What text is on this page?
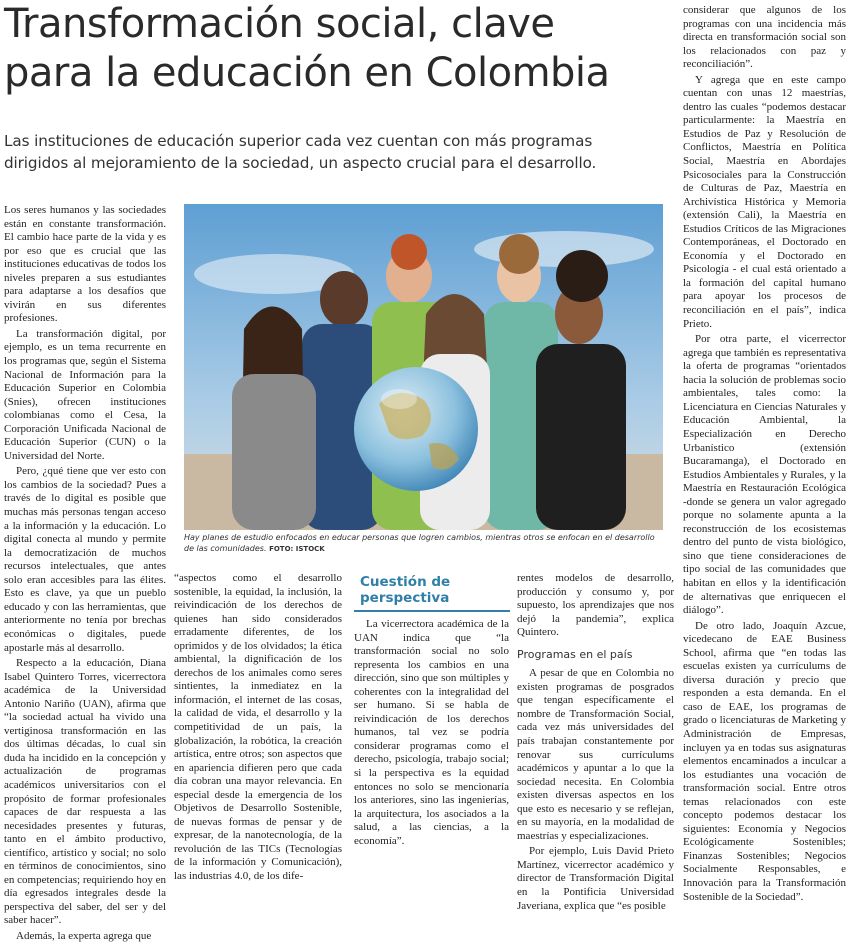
Transformación social, clave
para la educación en Colombia
Las instituciones de educación superior cada vez cuentan con más programas
dirigidos al mejoramiento de la sociedad, un aspecto crucial para el desarrollo.

Los seres humanos y las sociedades están en constante transformación. El cambio hace parte de la vida y es por eso que es crucial que las instituciones educativas de todos los niveles preparen a sus estudiantes para adaptarse a los desafíos que vivirán en sus diferentes profesiones.

La transformación digital, por ejemplo, es un tema recurrente en los programas que, según el Sistema Nacional de Información para la Educación Superior en Colombia (Snies), ofrecen instituciones colombianas como el Cesa, la Corporación Unificada Nacional de Educación Superior (CUN) o la Universidad del Norte.

Pero, ¿qué tiene que ver esto con los cambios de la sociedad? Pues a través de lo digital es posible que muchas más personas tengan acceso a la información y la educación. Lo digital conecta al mundo y permite la democratización de muchos recursos intelectuales, que antes solo eran accesibles para las élites. Esto es clave, ya que un pueblo educado y con las herramientas, que anteriormente no tenía por brechas económicas o digitales, puede apostarle más al desarrollo.

Respecto a la educación, Diana Isabel Quintero Torres, vicerrectora académica de la Universidad Antonio Nariño (UAN), afirma que “la sociedad actual ha vivido una vertiginosa transformación en las dos últimas décadas, lo cual sin duda ha incidido en la concepción y actualización de programas académicos universitarios con el propósito de formar profesionales capaces de dar respuesta a las necesidades presentes y futuras, tanto en el ámbito productivo, científico, artístico y social; no solo en términos de conocimientos, sino en competencias; requiriendo hoy en día egresados integrales desde la perspectiva del saber, del ser y del saber hacer”.

Además, la experta agrega que

Hay planes de estudio enfocados en educar personas que logren cambios, mientras otros se enfocan en el desarrollo de las comunidades. FOTO: ISTOCK

“aspectos como el desarrollo sostenible, la equidad, la inclusión, la reivindicación de los derechos de quienes han sido considerados erradamente diferentes, de los oprimidos y de los olvidados; la ética ambiental, la dignificación de los derechos de los animales como seres sintientes, la inmediatez en la información, el internet de las cosas, la calidad de vida, el desarrollo y la competitividad de un país, la globalización, la robótica, la creación artística, entre otros; son aspectos que en apariencia difieren pero que cada día cobran una mayor relevancia. En especial desde la emergencia de los Objetivos de Desarrollo Sostenible, de nuevas formas de pensar y de expresar, de la nanotecnología, de la revolución de las TICs (Tecnologías de la información y Comunicación), las industrias 4.0, de los dife-

Cuestión de perspectiva

La vicerrectora académica de la UAN indica que “la transformación social no solo representa los cambios en una dirección, sino que son múltiples y coherentes con la integralidad del ser humano. Si se habla de reivindicación de los derechos humanos, tal vez se podría considerar programas como el derecho, psicología, trabajo social; si la perspectiva es la equidad entonces no solo se mencionaría los anteriores, sino las ingenierías, la arquitectura, los asociados a la salud, a las ciencias, a la economía”.

rentes modelos de desarrollo, producción y consumo y, por supuesto, los aprendizajes que nos dejó la pandemia”, explica Quintero.

Programas en el país

A pesar de que en Colombia no existen programas de posgrados que tengan específicamente el nombre de Transformación Social, cada vez más universidades del país trabajan constantemente por renovar sus currículums académicos y apuntar a lo que la sociedad necesita. En Colombia existen diversas aspectos en los que esto es necesario y se reflejan, en su mayoría, en la modalidad de maestrías y especializaciones.

Por ejemplo, Luis David Prieto Martínez, vicerrector académico y director de Transformación Digital en la Pontificia Universidad Javeriana, explica que “es posible

considerar que algunos de los programas con una incidencia más directa en transformación social son los relacionados con paz y reconciliación”.

Y agrega que en este campo cuentan con unas 12 maestrías, dentro las cuales “podemos destacar particularmente: la Maestría en Estudios de Paz y Resolución de Conflictos, Maestría en Política Social, Maestría en Abordajes Psicosociales para la Construcción de Culturas de Paz, Maestría en Archivística Histórica y Memoria (extensión Cali), la Maestría en Estudios Críticos de las Migraciones Contemporáneas, el Doctorado en Economía y el Doctorado en Psicología - el cual está orientado a la formación del capital humano para apoyar los procesos de reconciliación en el país”, indica Prieto.

Por otra parte, el vicerrector agrega que también es representativa la oferta de programas “orientados hacia la solución de problemas socio ambientales, tales como: la Licenciatura en Ciencias Naturales y Educación Ambiental, la Especialización en Derecho Urbanístico (extensión Bucaramanga), el Doctorado en Estudios Ambientales y Rurales, y la Maestría en Restauración Ecológica -donde se genera un valor agregado porque no solamente apunta a la reconstrucción de los ecosistemas dentro del punto de vista biológico, sino que tiene consideraciones de tipo social de las comunidades que habitan en ellos y la identificación de alternativas que enriquecen el diálogo”.

De otro lado, Joaquín Azcue, vicedecano de EAE Business School, afirma que “en todas las escuelas existen ya currículums de diversa duración y precio que responden a esta demanda. En el caso de EAE, los programas de grado o licenciaturas de Marketing y Administración de Empresas, incluyen ya en todas sus asignaturas elementos encaminados a inculcar a los estudiantes una vocación de transformación social. Entre otros temas relacionados con este concepto podemos destacar los siguientes: Economía y Negocios Ecológicamente Sostenibles; Finanzas Sostenibles; Negocios Socialmente Responsables, e Innovación para la Transformación Sostenible de la Sociedad”.
